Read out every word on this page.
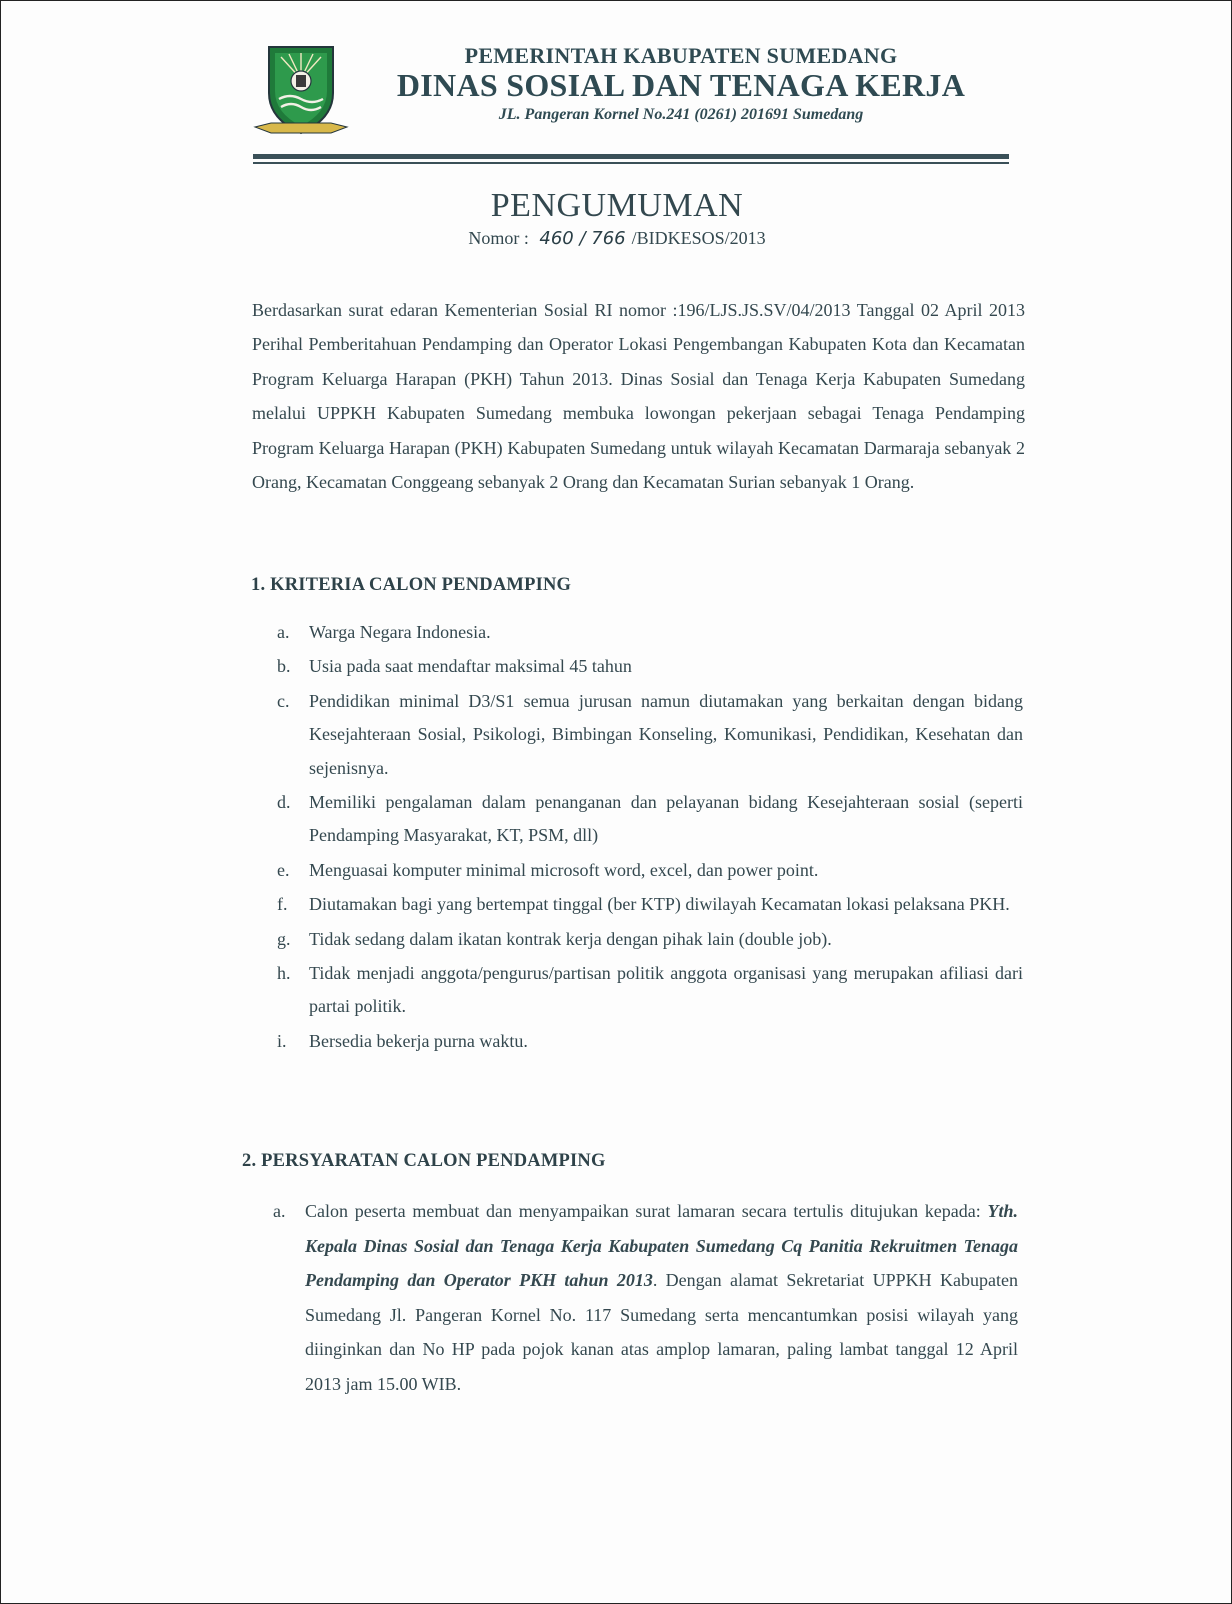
PEMERINTAH KABUPATEN SUMEDANG
DINAS SOSIAL DAN TENAGA KERJA
JL. Pangeran Kornel No.241 (0261) 201691 Sumedang
PENGUMUMAN
Nomor : 460 / 766 /BIDKESOS/2013
Berdasarkan surat edaran Kementerian Sosial RI nomor :196/LJS.JS.SV/04/2013 Tanggal 02 April 2013 Perihal Pemberitahuan Pendamping dan Operator Lokasi Pengembangan Kabupaten Kota dan Kecamatan Program Keluarga Harapan (PKH) Tahun 2013. Dinas Sosial dan Tenaga Kerja Kabupaten Sumedang melalui UPPKH Kabupaten Sumedang membuka lowongan pekerjaan sebagai Tenaga Pendamping Program Keluarga Harapan (PKH) Kabupaten Sumedang untuk wilayah Kecamatan Darmaraja sebanyak 2 Orang, Kecamatan Conggeang sebanyak 2 Orang dan Kecamatan Surian sebanyak 1 Orang.
1. KRITERIA CALON PENDAMPING
a. Warga Negara Indonesia.
b. Usia pada saat mendaftar maksimal 45 tahun
c. Pendidikan minimal D3/S1 semua jurusan namun diutamakan yang berkaitan dengan bidang Kesejahteraan Sosial, Psikologi, Bimbingan Konseling, Komunikasi, Pendidikan, Kesehatan dan sejenisnya.
d. Memiliki pengalaman dalam penanganan dan pelayanan bidang Kesejahteraan sosial (seperti Pendamping Masyarakat, KT, PSM, dll)
e. Menguasai komputer minimal microsoft word, excel, dan power point.
f. Diutamakan bagi yang bertempat tinggal (ber KTP) diwilayah Kecamatan lokasi pelaksana PKH.
g. Tidak sedang dalam ikatan kontrak kerja dengan pihak lain (double job).
h. Tidak menjadi anggota/pengurus/partisan politik anggota organisasi yang merupakan afiliasi dari partai politik.
i. Bersedia bekerja purna waktu.
2. PERSYARATAN CALON PENDAMPING
a. Calon peserta membuat dan menyampaikan surat lamaran secara tertulis ditujukan kepada: Yth. Kepala Dinas Sosial dan Tenaga Kerja Kabupaten Sumedang Cq Panitia Rekruitmen Tenaga Pendamping dan Operator PKH tahun 2013. Dengan alamat Sekretariat UPPKH Kabupaten Sumedang Jl. Pangeran Kornel No. 117 Sumedang serta mencantumkan posisi wilayah yang diinginkan dan No HP pada pojok kanan atas amplop lamaran, paling lambat tanggal 12 April 2013 jam 15.00 WIB.
